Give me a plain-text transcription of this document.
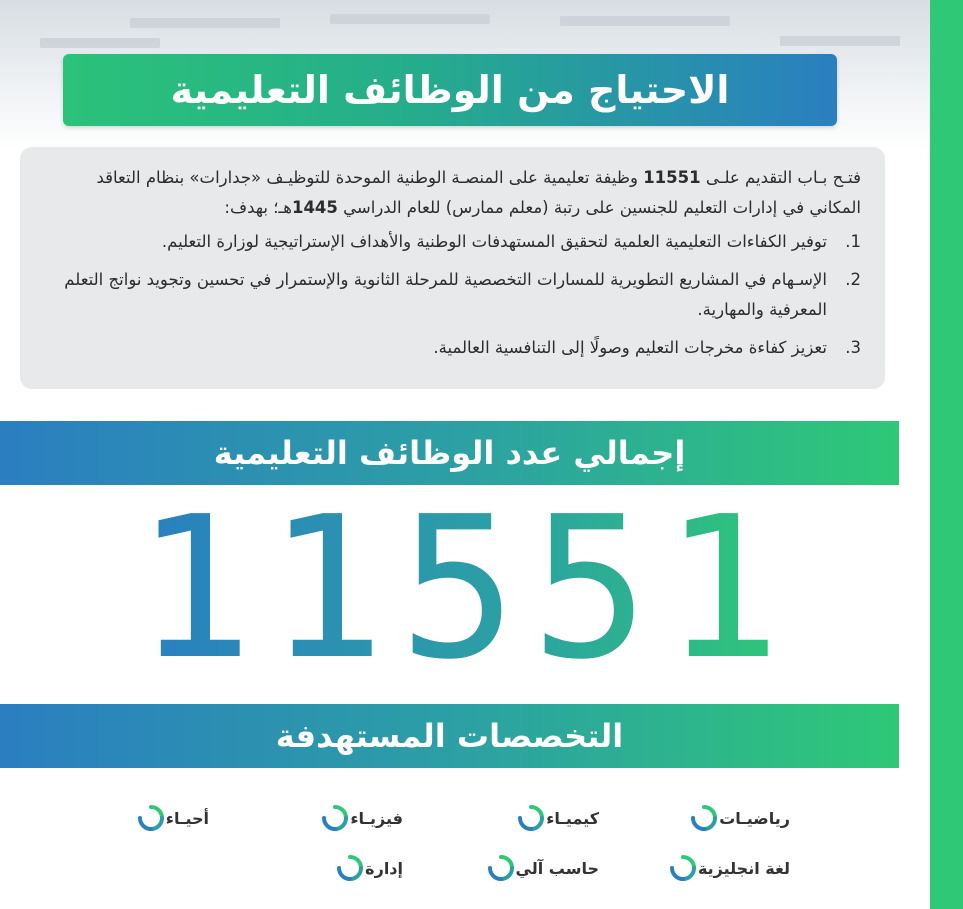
الاحتياج من الوظائف التعليمية

فتـح بـاب التقديم علـى 11551 وظيفة تعليمية على المنصـة الوطنية الموحدة للتوظيـف «جدارات» بنظام التعاقد المكاني في إدارات التعليم للجنسين على رتبة (معلم ممارس) للعام الدراسي 1445هـ؛ بهدف:

1.
توفير الكفاءات التعليمية العلمية لتحقيق المستهدفات الوطنية والأهداف الإستراتيجية لوزارة التعليم.
2.
الإسـهام في المشاريع التطويرية للمسارات التخصصية للمرحلة الثانوية والإستمرار في تحسين وتجويد نواتج التعلم المعرفية والمهارية.
3.
تعزيز كفاءة مخرجات التعليم وصولًا إلى التنافسية العالمية.
إجمالي عدد الوظائف التعليمية
11551
التخصصات المستهدفة
رياضيـات
كيميـاء
فيزيـاء
أحيـاء
لغة انجليزية
حاسب آلي
إدارة
